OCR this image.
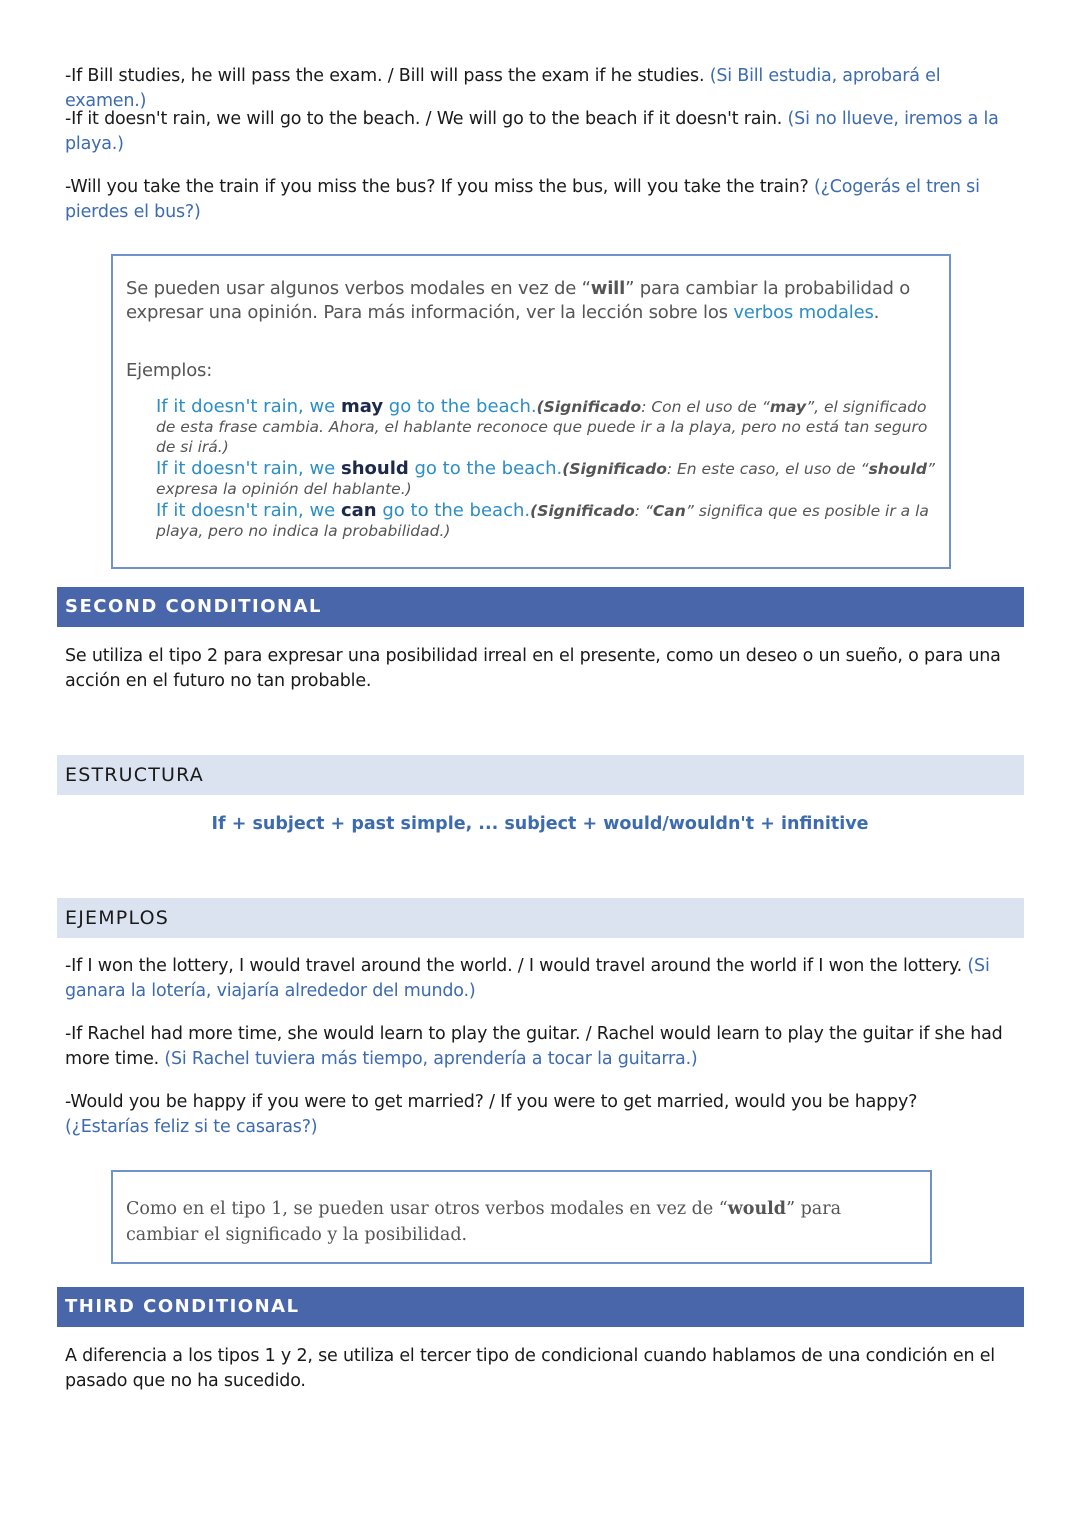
-If Bill studies, he will pass the exam. / Bill will pass the exam if he studies. (Si Bill estudia, aprobará el examen.)
-If it doesn't rain, we will go to the beach. / We will go to the beach if it doesn't rain. (Si no llueve, iremos a la playa.)
-Will you take the train if you miss the bus? If you miss the bus, will you take the train? (¿Cogerás el tren si pierdes el bus?)
Se pueden usar algunos verbos modales en vez de “will” para cambiar la probabilidad o expresar una opinión. Para más información, ver la lección sobre los verbos modales.
Ejemplos:
If it doesn't rain, we may go to the beach.(Significado: Con el uso de “may”, el significado de esta frase cambia. Ahora, el hablante reconoce que puede ir a la playa, pero no está tan seguro de si irá.)
If it doesn't rain, we should go to the beach.(Significado: En este caso, el uso de “should” expresa la opinión del hablante.)
If it doesn't rain, we can go to the beach.(Significado: “Can” significa que es posible ir a la playa, pero no indica la probabilidad.)
SECOND CONDITIONAL
Se utiliza el tipo 2 para expresar una posibilidad irreal en el presente, como un deseo o un sueño, o para una acción en el futuro no tan probable.
ESTRUCTURA
If + subject + past simple, ... subject + would/wouldn't + infinitive
EJEMPLOS
-If I won the lottery, I would travel around the world. / I would travel around the world if I won the lottery. (Si ganara la lotería, viajaría alrededor del mundo.)
-If Rachel had more time, she would learn to play the guitar. / Rachel would learn to play the guitar if she had more time. (Si Rachel tuviera más tiempo, aprendería a tocar la guitarra.)
-Would you be happy if you were to get married? / If you were to get married, would you be happy?
(¿Estarías feliz si te casaras?)
Como en el tipo 1, se pueden usar otros verbos modales en vez de “would” para cambiar el significado y la posibilidad.
THIRD CONDITIONAL
A diferencia a los tipos 1 y 2, se utiliza el tercer tipo de condicional cuando hablamos de una condición en el pasado que no ha sucedido.
